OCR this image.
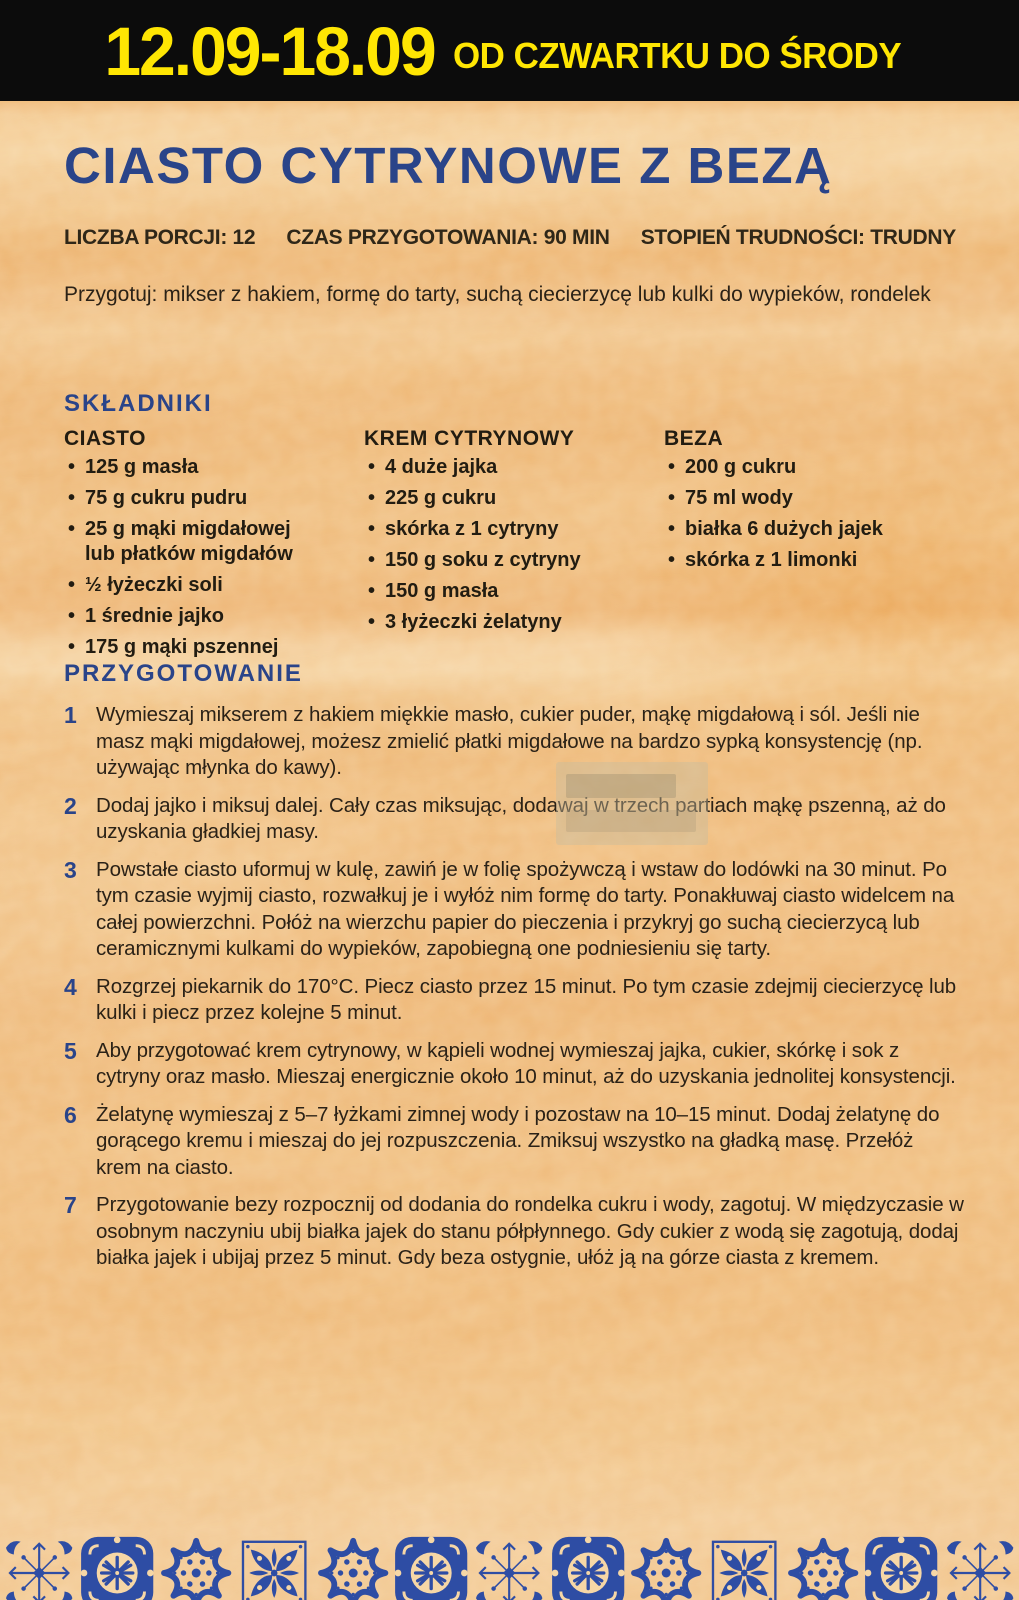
12.09-18.09 OD CZWARTKU DO ŚRODY
CIASTO CYTRYNOWE Z BEZĄ
LICZBA PORCJI: 12 CZAS PRZYGOTOWANIA: 90 MIN STOPIEŃ TRUDNOŚCI: TRUDNY

Przygotuj: mikser z hakiem, formę do tarty, suchą ciecierzycę lub kulki do wypieków, rondelek

SKŁADNIKI
CIASTO
• 125 g masła
• 75 g cukru pudru
• 25 g mąki migdałowej lub płatków migdałów
• ½ łyżeczki soli
• 1 średnie jajko
• 175 g mąki pszennej
KREM CYTRYNOWY
• 4 duże jajka
• 225 g cukru
• skórka z 1 cytryny
• 150 g soku z cytryny
• 150 g masła
• 3 łyżeczki żelatyny
BEZA
• 200 g cukru
• 75 ml wody
• białka 6 dużych jajek
• skórka z 1 limonki
PRZYGOTOWANIE
1 Wymieszaj mikserem z hakiem miękkie masło, cukier puder, mąkę migdałową i sól. Jeśli nie masz mąki migdałowej, możesz zmielić płatki migdałowe na bardzo sypką konsystencję (np. używając młynka do kawy).
2 Dodaj jajko i miksuj dalej. Cały czas miksując, dodawaj w trzech partiach mąkę pszenną, aż do uzyskania gładkiej masy.
3 Powstałe ciasto uformuj w kulę, zawiń je w folię spożywczą i wstaw do lodówki na 30 minut. Po tym czasie wyjmij ciasto, rozwałkuj je i wyłóż nim formę do tarty. Ponakłuwaj ciasto widelcem na całej powierzchni. Połóż na wierzchu papier do pieczenia i przykryj go suchą ciecierzycą lub ceramicznymi kulkami do wypieków, zapobiegną one podniesieniu się tarty.
4 Rozgrzej piekarnik do 170°C. Piecz ciasto przez 15 minut. Po tym czasie zdejmij ciecierzycę lub kulki i piecz przez kolejne 5 minut.
5 Aby przygotować krem cytrynowy, w kąpieli wodnej wymieszaj jajka, cukier, skórkę i sok z cytryny oraz masło. Mieszaj energicznie około 10 minut, aż do uzyskania jednolitej konsystencji.
6 Żelatynę wymieszaj z 5–7 łyżkami zimnej wody i pozostaw na 10–15 minut. Dodaj żelatynę do gorącego kremu i mieszaj do jej rozpuszczenia. Zmiksuj wszystko na gładką masę. Przełóż krem na ciasto.
7 Przygotowanie bezy rozpocznij od dodania do rondelka cukru i wody, zagotuj. W międzyczasie w osobnym naczyniu ubij białka jajek do stanu półpłynnego. Gdy cukier z wodą się zagotują, dodaj białka jajek i ubijaj przez 5 minut. Gdy beza ostygnie, ułóż ją na górze ciasta z kremem.
